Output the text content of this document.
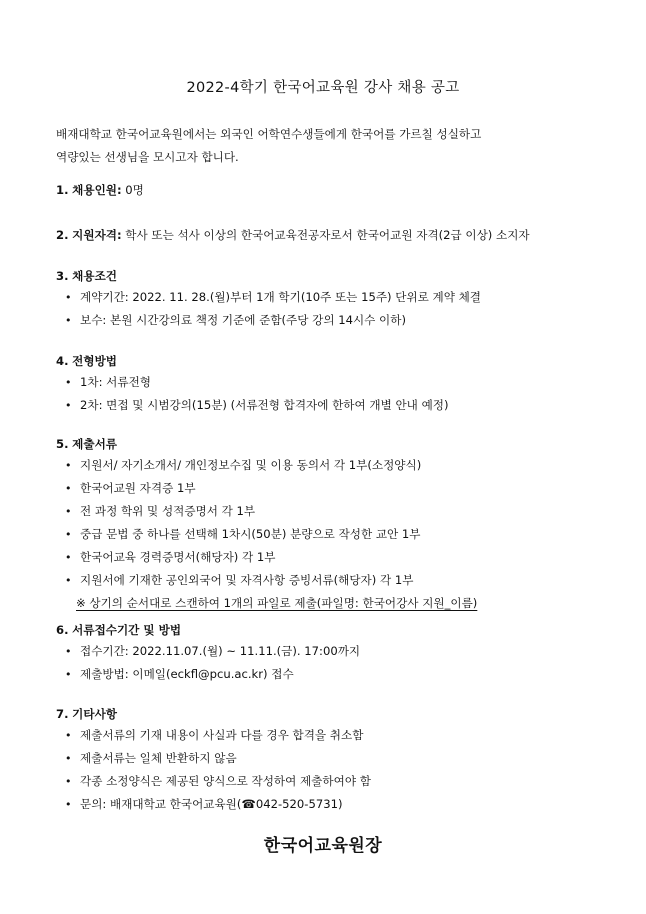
2022-4학기 한국어교육원 강사 채용 공고
배재대학교 한국어교육원에서는 외국인 어학연수생들에게 한국어를 가르칠 성실하고
역량있는 선생님을 모시고자 합니다.
1. 채용인원: 0명
2. 지원자격: 학사 또는 석사 이상의 한국어교육전공자로서 한국어교원 자격(2급 이상) 소지자
3. 채용조건
• 계약기간: 2022. 11. 28.(월)부터 1개 학기(10주 또는 15주) 단위로 계약 체결
• 보수: 본원 시간강의료 책정 기준에 준함(주당 강의 14시수 이하)
4. 전형방법
• 1차: 서류전형
• 2차: 면접 및 시범강의(15분) (서류전형 합격자에 한하여 개별 안내 예정)
5. 제출서류
• 지원서/ 자기소개서/ 개인정보수집 및 이용 동의서 각 1부(소정양식)
• 한국어교원 자격증 1부
• 전 과정 학위 및 성적증명서 각 1부
• 중급 문법 중 하나를 선택해 1차시(50분) 분량으로 작성한 교안 1부
• 한국어교육 경력증명서(해당자) 각 1부
• 지원서에 기재한 공인외국어 및 자격사항 증빙서류(해당자) 각 1부
※ 상기의 순서대로 스캔하여 1개의 파일로 제출(파일명: 한국어강사 지원_이름)
6. 서류접수기간 및 방법
• 접수기간: 2022.11.07.(월) ~ 11.11.(금). 17:00까지
• 제출방법: 이메일(eckfl@pcu.ac.kr) 접수
7. 기타사항
• 제출서류의 기재 내용이 사실과 다를 경우 합격을 취소함
• 제출서류는 일체 반환하지 않음
• 각종 소정양식은 제공된 양식으로 작성하여 제출하여야 함
• 문의: 배재대학교 한국어교육원(☎042-520-5731)
한국어교육원장
